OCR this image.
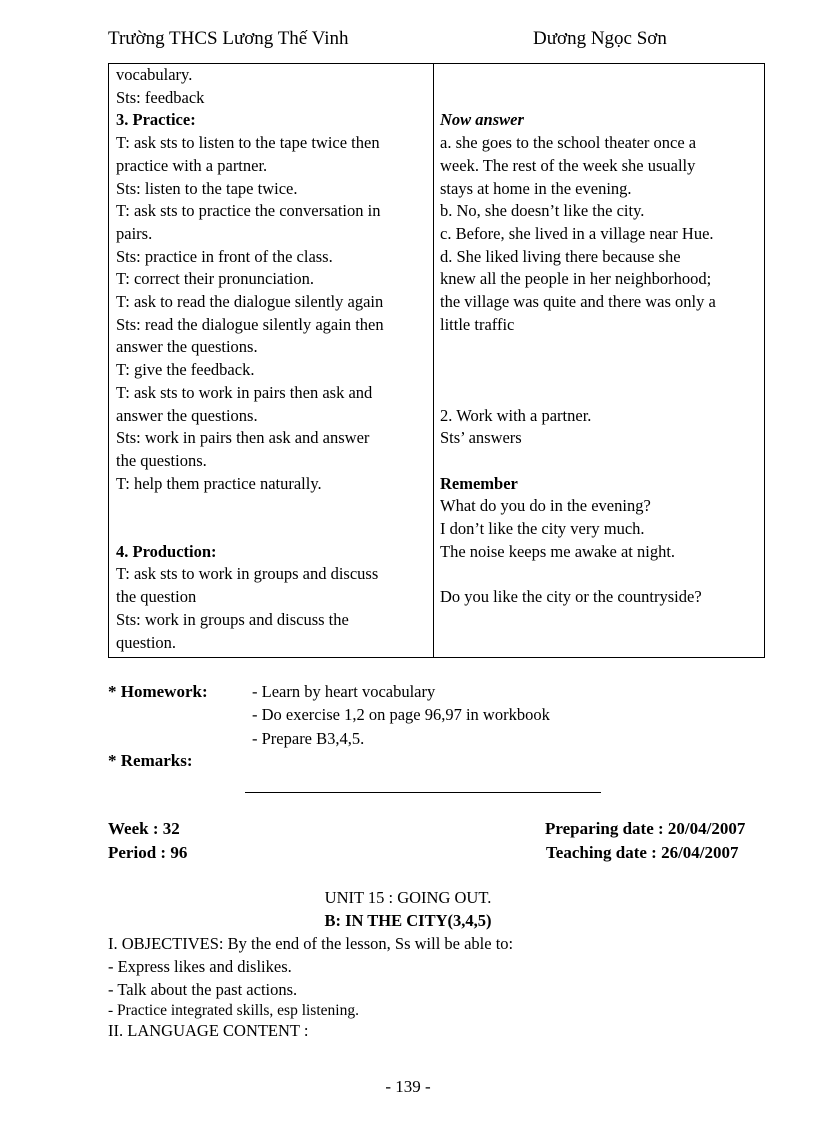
Trường THCS Lương Thế Vinh	Dương Ngọc Sơn
vocabulary.
Sts: feedback
3. Practice:
T: ask sts to listen to the tape twice then
practice with a partner.
Sts: listen to the tape twice.
T: ask sts to practice the conversation in
pairs.
Sts: practice in front of the class.
T: correct their pronunciation.
T: ask to read the dialogue silently again
Sts: read the dialogue silently again then
answer the questions.
T: give the feedback.
T: ask sts to work in pairs then ask and
answer the questions.
Sts: work in pairs then ask and answer
the questions.
T: help them practice naturally.
4. Production:
T: ask sts to work in groups and discuss
the question
Sts: work in groups and discuss the
question.
Now answer
a. she goes to the school theater once a
week. The rest of the week she usually
stays at home in the evening.
b. No, she doesn’t like the city.
c. Before, she lived in a village near Hue.
d. She liked living there because she
knew all the people in her neighborhood;
the village was quite and there was only a
little traffic
2. Work with a partner.
Sts’ answers
Remember
What do you do in the evening?
I don’t like the city very much.
The noise keeps me awake at night.
Do you like the city or the countryside?
* Homework:	- Learn by heart vocabulary
- Do exercise 1,2 on page 96,97 in workbook
- Prepare B3,4,5.
* Remarks:
Week : 32
Period : 96
Preparing date : 20/04/2007
Teaching date : 26/04/2007
UNIT 15 : GOING OUT.
B: IN THE CITY(3,4,5)
I. OBJECTIVES: By the end of the lesson, Ss will be able to:
- Express likes and dislikes.
- Talk about the past actions.
- Practice integrated skills, esp listening.
II. LANGUAGE CONTENT :
- 139 -
